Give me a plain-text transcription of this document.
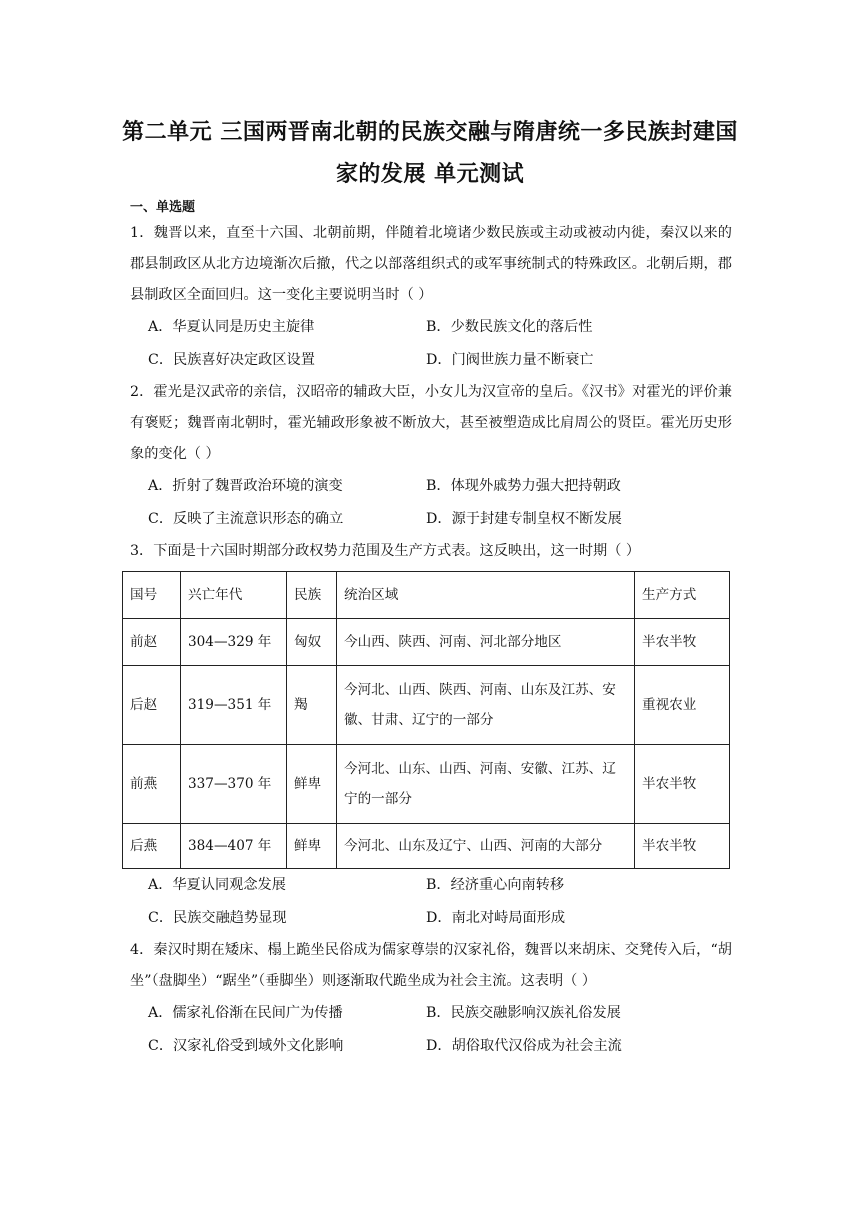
第二单元 三国两晋南北朝的民族交融与隋唐统一多民族封建国
家的发展 单元测试
一、单选题

1．魏晋以来，直至十六国、北朝前期，伴随着北境诸少数民族或主动或被动内徙，秦汉以来的郡县制政区从北方边境渐次后撤，代之以部落组织式的或军事统制式的特殊政区。北朝后期，郡县制政区全面回归。这一变化主要说明当时（ ）

A．华夏认同是历史主旋律	B．少数民族文化的落后性
C．民族喜好决定政区设置	D．门阀世族力量不断衰亡

2．霍光是汉武帝的亲信，汉昭帝的辅政大臣，小女儿为汉宣帝的皇后。《汉书》对霍光的评价兼有褒贬；魏晋南北朝时，霍光辅政形象被不断放大，甚至被塑造成比肩周公的贤臣。霍光历史形象的变化（ ）

A．折射了魏晋政治环境的演变	B．体现外戚势力强大把持朝政
C．反映了主流意识形态的确立	D．源于封建专制皇权不断发展

3．下面是十六国时期部分政权势力范围及生产方式表。这反映出，这一时期（ ）

国号	兴亡年代	民族	统治区域	生产方式
前赵	304—329 年	匈奴	今山西、陕西、河南、河北部分地区	半农半牧
后赵	319—351 年	羯	今河北、山西、陕西、河南、山东及江苏、安徽、甘肃、辽宁的一部分	重视农业
前燕	337—370 年	鲜卑	今河北、山东、山西、河南、安徽、江苏、辽宁的一部分	半农半牧
后燕	384—407 年	鲜卑	今河北、山东及辽宁、山西、河南的大部分	半农半牧
A．华夏认同观念发展	B．经济重心向南转移
C．民族交融趋势显现	D．南北对峙局面形成

4．秦汉时期在矮床、榻上跪坐民俗成为儒家尊崇的汉家礼俗，魏晋以来胡床、交凳传入后，“胡坐”（盘脚坐）“踞坐”（垂脚坐）则逐渐取代跪坐成为社会主流。这表明（ ）

A．儒家礼俗渐在民间广为传播	B．民族交融影响汉族礼俗发展
C．汉家礼俗受到域外文化影响	D．胡俗取代汉俗成为社会主流
